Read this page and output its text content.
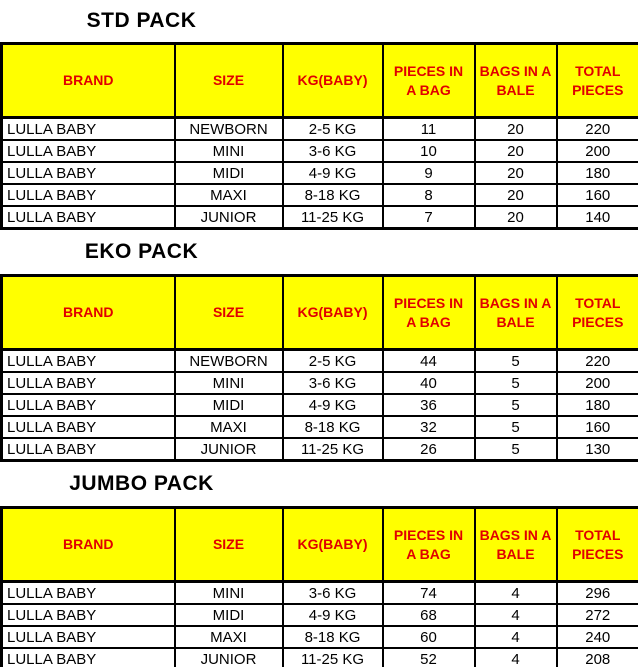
STD PACK
BRAND	SIZE	KG(BABY)	PIECES IN A BAG	BAGS IN A BALE	TOTAL PIECES
LULLA BABY	NEWBORN	2-5 KG	11	20	220
LULLA BABY	MINI	3-6 KG	10	20	200
LULLA BABY	MIDI	4-9 KG	9	20	180
LULLA BABY	MAXI	8-18 KG	8	20	160
LULLA BABY	JUNIOR	11-25 KG	7	20	140
EKO PACK
BRAND	SIZE	KG(BABY)	PIECES IN A BAG	BAGS IN A BALE	TOTAL PIECES
LULLA BABY	NEWBORN	2-5 KG	44	5	220
LULLA BABY	MINI	3-6 KG	40	5	200
LULLA BABY	MIDI	4-9 KG	36	5	180
LULLA BABY	MAXI	8-18 KG	32	5	160
LULLA BABY	JUNIOR	11-25 KG	26	5	130
JUMBO PACK
BRAND	SIZE	KG(BABY)	PIECES IN A BAG	BAGS IN A BALE	TOTAL PIECES
LULLA BABY	MINI	3-6 KG	74	4	296
LULLA BABY	MIDI	4-9 KG	68	4	272
LULLA BABY	MAXI	8-18 KG	60	4	240
LULLA BABY	JUNIOR	11-25 KG	52	4	208
